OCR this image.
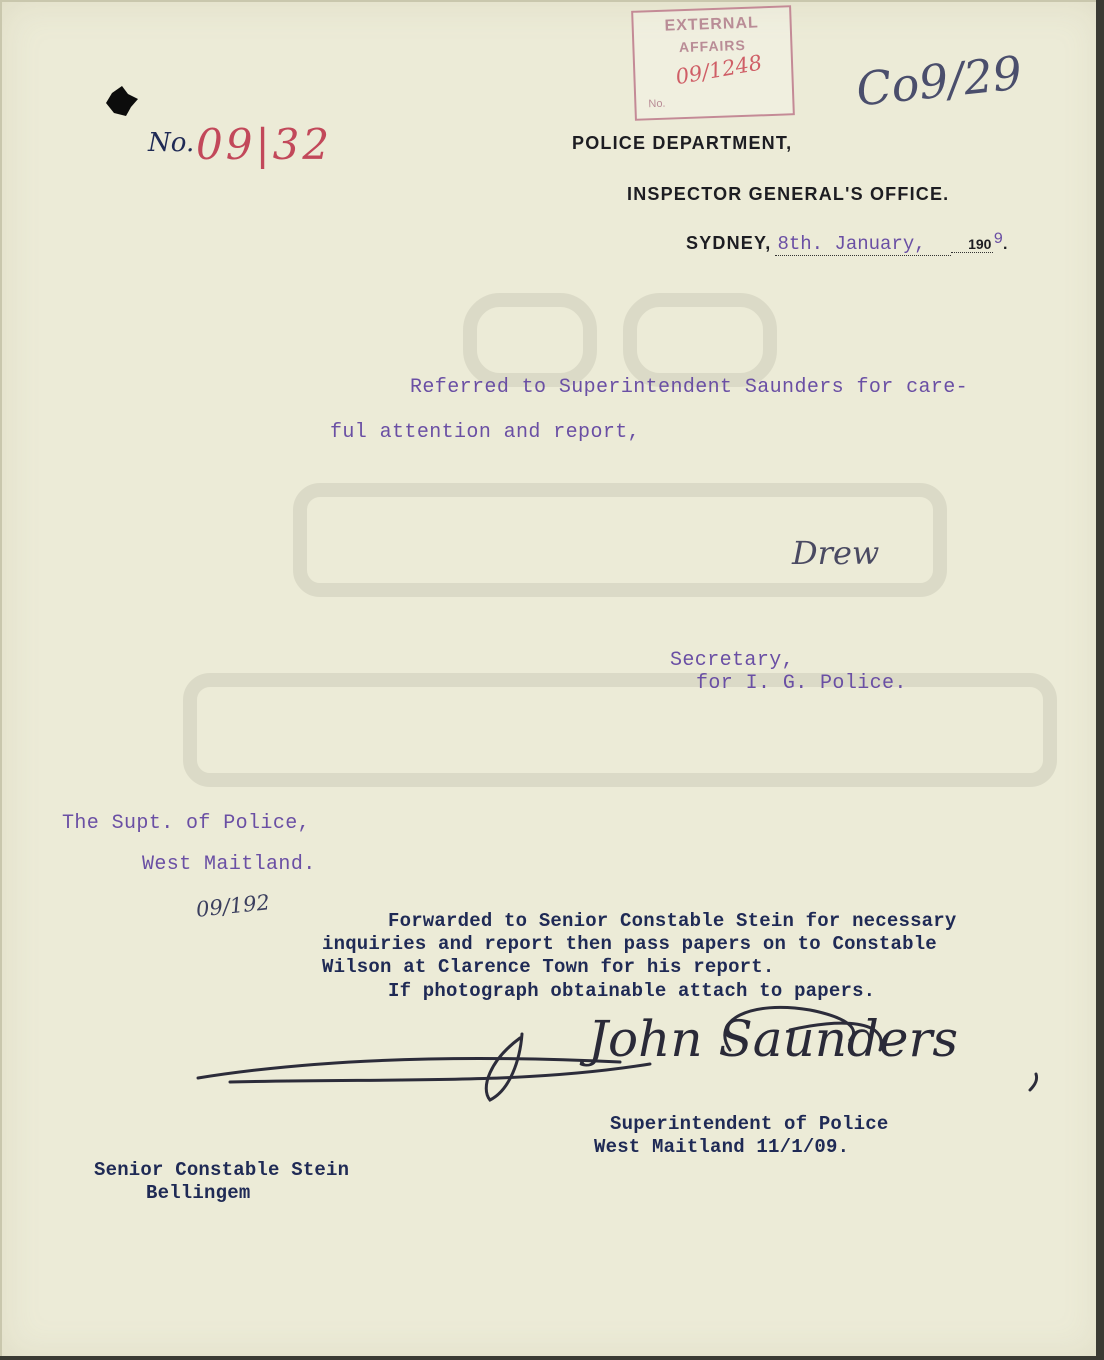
EXTERNAL
AFFAIRS
09/1248
No.
No. 09|32
Co9/29
POLICE DEPARTMENT,
INSPECTOR GENERAL'S OFFICE.
SYDNEY, 8th. January,	190 9.
Referred to Superintendent Saunders for care-
ful attention and report,
Drew
Secretary,
for I. G. Police.
The Supt. of Police,
West Maitland.
09/192	Forwarded to Senior Constable Stein for necessary
inquiries and report then pass papers on to Constable
Wilson at Clarence Town for his report.
If photograph obtainable attach to papers.
John Saunders
Superintendent of Police
West Maitland 11/1/09.
Senior Constable Stein
Bellingem
